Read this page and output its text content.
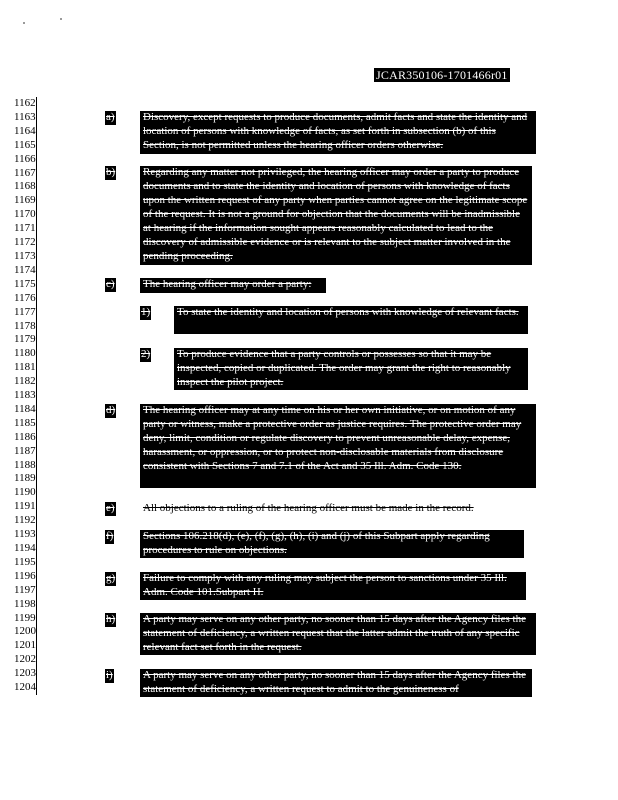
JCAR350106-1701466r01
1162
1163
1164
1165
1166
1167
1168
1169
1170
1171
1172
1173
1174
1175
1176
1177
1178
1179
1180
1181
1182
1183
1184
1185
1186
1187
1188
1189
1190
1191
1192
1193
1194
1195
1196
1197
1198
1199
1200
1201
1202
1203
1204
a)	Discovery, except requests to produce documents, admit facts and state the identity and location of persons with knowledge of facts, as set forth in subsection (b) of this Section, is not permitted unless the hearing officer orders otherwise.
b)	Regarding any matter not privileged, the hearing officer may order a party to produce documents and to state the identity and location of persons with knowledge of facts upon the written request of any party when parties cannot agree on the legitimate scope of the request. It is not a ground for objection that the documents will be inadmissible at hearing if the information sought appears reasonably calculated to lead to the discovery of admissible evidence or is relevant to the subject matter involved in the pending proceeding.
c)	The hearing officer may order a party:
1) To state the identity and location of persons with knowledge of relevant facts.
2) To produce evidence that a party controls or possesses so that it may be inspected, copied or duplicated. The order may grant the right to reasonably inspect the pilot project.
d)	The hearing officer may at any time on his or her own initiative, or on motion of any party or witness, make a protective order as justice requires. The protective order may deny, limit, condition or regulate discovery to prevent unreasonable delay, expense, harassment, or oppression, or to protect non-disclosable materials from disclosure consistent with Sections 7 and 7.1 of the Act and 35 Ill. Adm. Code 130.
e)	All objections to a ruling of the hearing officer must be made in the record.
f)	Sections 106.218(d), (e), (f), (g), (h), (i) and (j) of this Subpart apply regarding procedures to rule on objections.
g)	Failure to comply with any ruling may subject the person to sanctions under 35 Ill. Adm. Code 101.Subpart H.
h)	A party may serve on any other party, no sooner than 15 days after the Agency files the statement of deficiency, a written request that the latter admit the truth of any specific relevant fact set forth in the request.
i)	A party may serve on any other party, no sooner than 15 days after the Agency files the statement of deficiency, a written request to admit to the genuineness of
